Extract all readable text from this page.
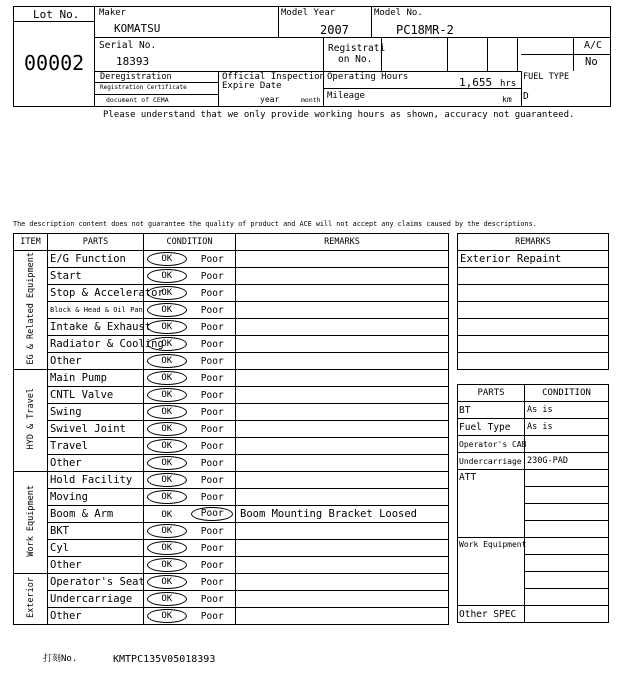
Lot No.
00002
Maker
KOMATSU
Model Year
2007
Model No.
PC18MR-2
Serial No.
18393
Registrati
on No.
A/C
No
Deregistration
Registration Certificate
document of CEMA
Official Inspection
Expire Date
year	month
Operating Hours	1,655 hrs
Mileage	km
FUEL TYPE
D
Please understand that we only provide working hours as shown, accuracy not guaranteed.
The description content does not guarantee the quality of product and ACE will not accept any claims caused by the descriptions.
ITEM	PARTS	CONDITION		REMARKS
EG & Related Equipment	E/G Function	OK	Poor	
	Start	OK	Poor	
	Stop & Accelerator	OK	Poor	
	Block & Head & Oil Pan	OK	Poor	
	Intake & Exhaust	OK	Poor	
	Radiator & Cooling	OK	Poor	
	Other	OK	Poor	
HYD & Travel	Main Pump	OK	Poor	
	CNTL Valve	OK	Poor	
	Swing	OK	Poor	
	Swivel Joint	OK	Poor	
	Travel	OK	Poor	
	Other	OK	Poor	
Work Equipment	Hold Facility	OK	Poor	
	Moving	OK	Poor	
	Boom & Arm	OK	Poor	Boom Mounting Bracket Loosed
	BKT	OK	Poor	
	Cyl	OK	Poor	
	Other	OK	Poor	
Exterior	Operator's Seat	OK	Poor	
	Undercarriage	OK	Poor	
	Other	OK	Poor	
REMARKS
Exterior Repaint

PARTS	CONDITION
BT	As is
Fuel Type	As is
Operator's CAB	
Undercarriage	230G-PAD
ATT	

Work Equipment	

Other SPEC	
打刻No.	KMTPC135V05018393
